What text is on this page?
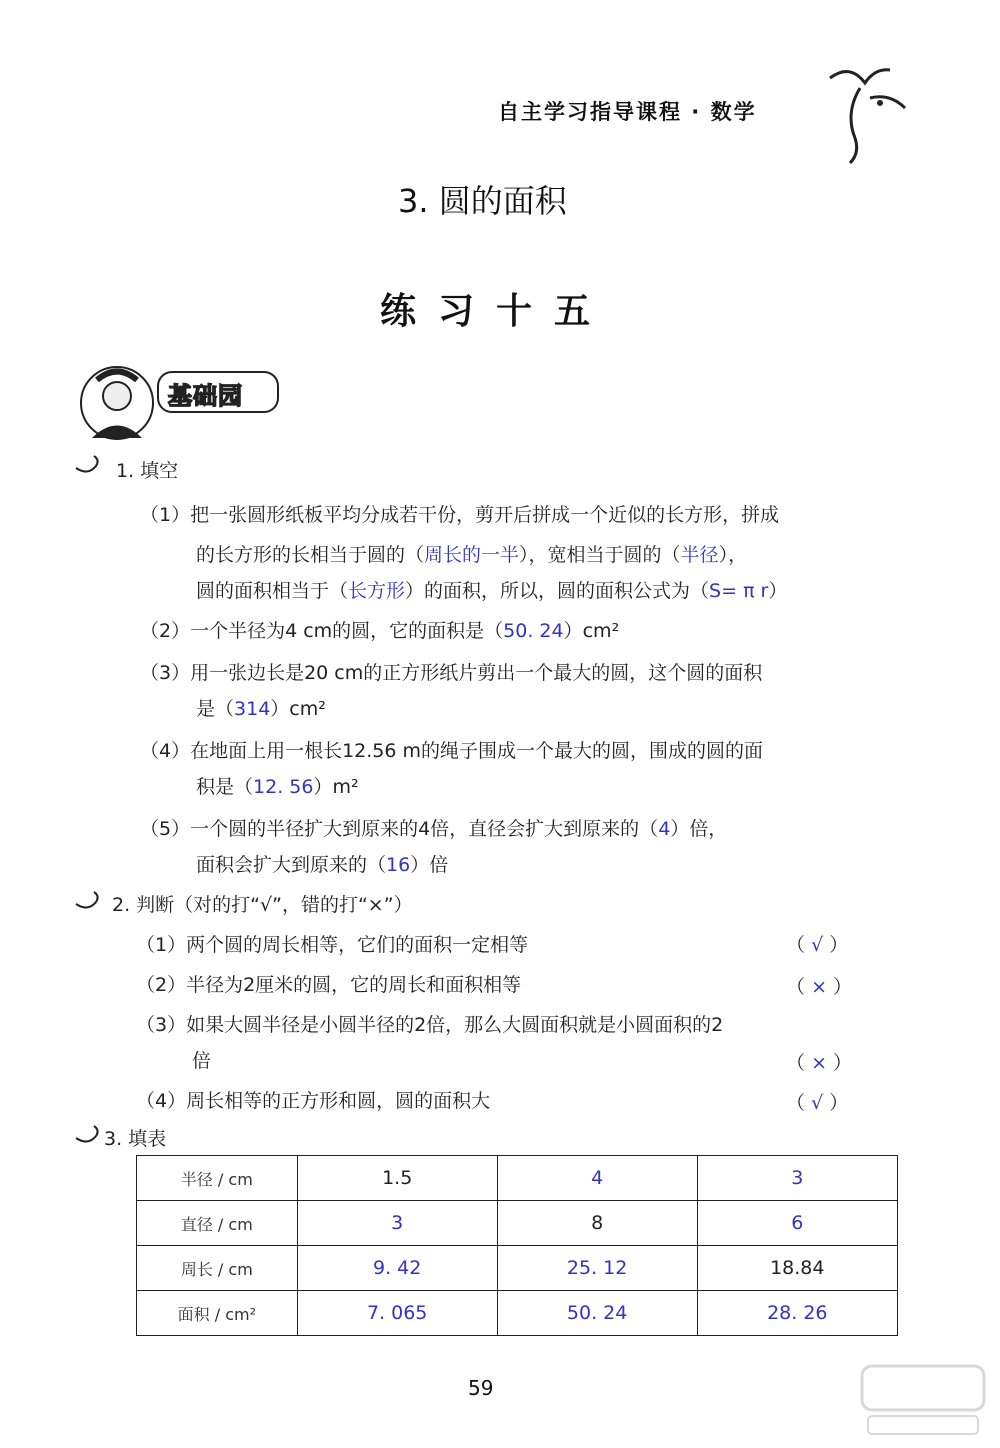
自主学习指导课程 · 数学
3. 圆的面积
练习十五
基础园
1. 填空
（1）把一张圆形纸板平均分成若干份，剪开后拼成一个近似的长方形，拼成
的长方形的长相当于圆的（周长的一半），宽相当于圆的（半径），
圆的面积相当于（长方形）的面积，所以，圆的面积公式为（S= π r）
（2）一个半径为4 cm的圆，它的面积是（50. 24）cm²
（3）用一张边长是20 cm的正方形纸片剪出一个最大的圆，这个圆的面积
是（314）cm²
（4）在地面上用一根长12.56 m的绳子围成一个最大的圆，围成的圆的面
积是（12. 56）m²
（5）一个圆的半径扩大到原来的4倍，直径会扩大到原来的（4）倍，
面积会扩大到原来的（16）倍
2. 判断（对的打“√”，错的打“×”）
（1）两个圆的周长相等，它们的面积一定相等	（ √ ）
（2）半径为2厘米的圆，它的周长和面积相等	（ × ）
（3）如果大圆半径是小圆半径的2倍，那么大圆面积就是小圆面积的2
倍	（ × ）
（4）周长相等的正方形和圆，圆的面积大	（ √ ）
3. 填表
半径 / cm	1.5	4	3
直径 / cm	3	8	6
周长 / cm	9. 42	25. 12	18.84
面积 / cm²	7. 065	50. 24	28. 26
59
